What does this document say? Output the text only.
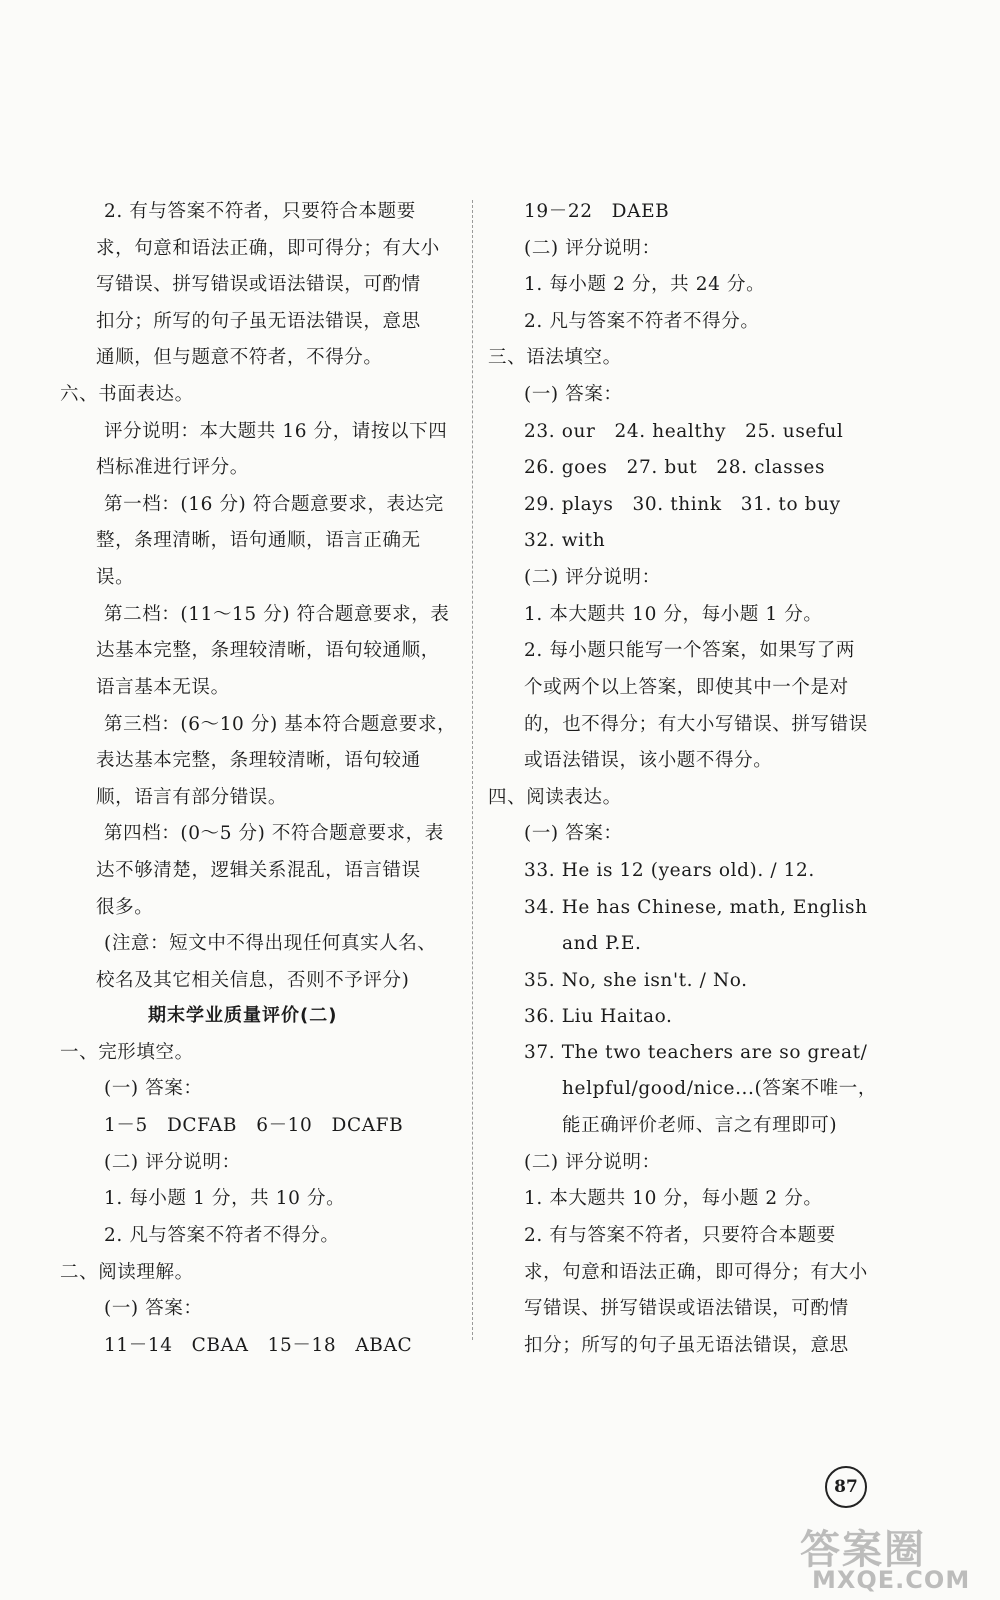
2. 有与答案不符者，只要符合本题要
求，句意和语法正确，即可得分；有大小
写错误、拼写错误或语法错误，可酌情
扣分；所写的句子虽无语法错误，意思
通顺，但与题意不符者，不得分。
六、书面表达。
评分说明：本大题共 16 分，请按以下四
档标准进行评分。
第一档：(16 分) 符合题意要求，表达完
整，条理清晰，语句通顺，语言正确无
误。
第二档：(11～15 分) 符合题意要求，表
达基本完整，条理较清晰，语句较通顺，
语言基本无误。
第三档：(6～10 分) 基本符合题意要求，
表达基本完整，条理较清晰，语句较通
顺，语言有部分错误。
第四档：(0～5 分) 不符合题意要求，表
达不够清楚，逻辑关系混乱，语言错误
很多。
(注意：短文中不得出现任何真实人名、
校名及其它相关信息，否则不予评分)
期末学业质量评价(二)
一、完形填空。
(一) 答案：
1－5　DCFAB　6－10　DCAFB
(二) 评分说明：
1. 每小题 1 分，共 10 分。
2. 凡与答案不符者不得分。
二、阅读理解。
(一) 答案：
11－14　CBAA　15－18　ABAC
19－22　DAEB
(二) 评分说明：
1. 每小题 2 分，共 24 分。
2. 凡与答案不符者不得分。
三、语法填空。
(一) 答案：
23. our　24. healthy　25. useful
26. goes　27. but　28. classes
29. plays　30. think　31. to buy
32. with
(二) 评分说明：
1. 本大题共 10 分，每小题 1 分。
2. 每小题只能写一个答案，如果写了两
个或两个以上答案，即使其中一个是对
的，也不得分；有大小写错误、拼写错误
或语法错误，该小题不得分。
四、阅读表达。
(一) 答案：
33. He is 12 (years old). / 12.
34. He has Chinese, math, English
and P.E.
35. No, she isn't. / No.
36. Liu Haitao.
37. The two teachers are so great/
helpful/good/nice...(答案不唯一，
能正确评价老师、言之有理即可)
(二) 评分说明：
1. 本大题共 10 分，每小题 2 分。
2. 有与答案不符者，只要符合本题要
求，句意和语法正确，即可得分；有大小
写错误、拼写错误或语法错误，可酌情
扣分；所写的句子虽无语法错误，意思
87
答案圈
MXQE.COM
